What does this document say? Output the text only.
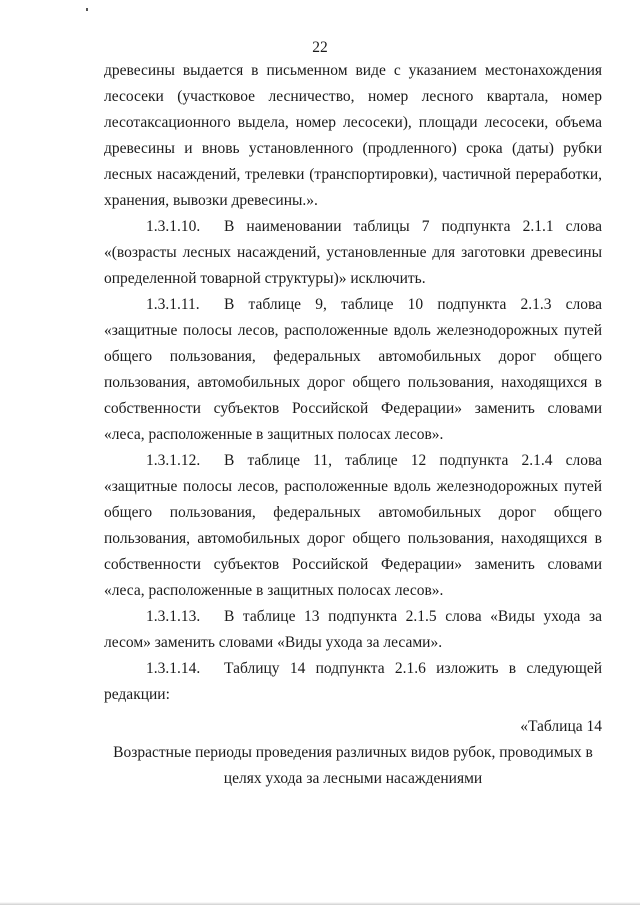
22

древесины выдается в письменном виде с указанием местонахождения лесосеки (участковое лесничество, номер лесного квартала, номер лесотаксационного выдела, номер лесосеки), площади лесосеки, объема древесины и вновь установленного (продленного) срока (даты) рубки лесных насаждений, трелевки (транспортировки), частичной переработки, хранения, вывозки древесины.».

1.3.1.10. В наименовании таблицы 7 подпункта 2.1.1 слова «(возрасты лесных насаждений, установленные для заготовки древесины определенной товарной структуры)» исключить.

1.3.1.11. В таблице 9, таблице 10 подпункта 2.1.3 слова «защитные полосы лесов, расположенные вдоль железнодорожных путей общего пользования, федеральных автомобильных дорог общего пользования, автомобильных дорог общего пользования, находящихся в собственности субъектов Российской Федерации» заменить словами «леса, расположенные в защитных полосах лесов».

1.3.1.12. В таблице 11, таблице 12 подпункта 2.1.4 слова «защитные полосы лесов, расположенные вдоль железнодорожных путей общего пользования, федеральных автомобильных дорог общего пользования, автомобильных дорог общего пользования, находящихся в собственности субъектов Российской Федерации» заменить словами «леса, расположенные в защитных полосах лесов».

1.3.1.13. В таблице 13 подпункта 2.1.5 слова «Виды ухода за лесом» заменить словами «Виды ухода за лесами».

1.3.1.14. Таблицу 14 подпункта 2.1.6 изложить в следующей редакции:

«Таблица 14

Возрастные периоды проведения различных видов рубок, проводимых в целях ухода за лесными насаждениями
